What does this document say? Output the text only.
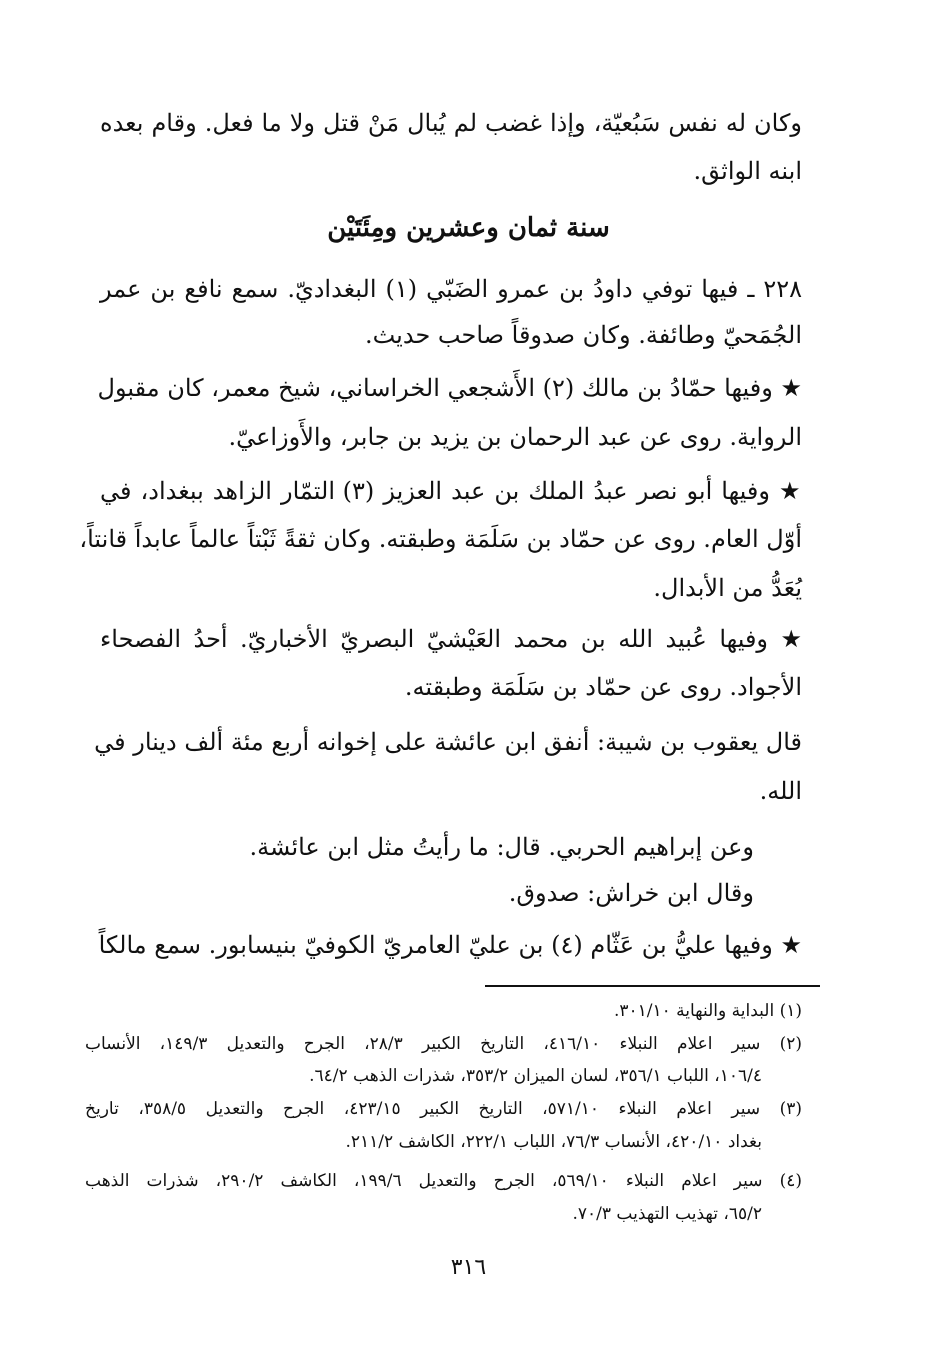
وكان له نفس سَبُعيّة، وإذا غضب لم يُبال مَنْ قتل ولا ما فعل. وقام بعده

ابنه الواثق.

سنة ثمان وعشرين ومِئَتَيْن

٢٢٨ ـ فيها توفي داودُ بن عمرو الضَبّي (١) البغداديّ. سمع نافع بن عمر

الجُمَحيّ وطائفة. وكان صدوقاً صاحب حديث.

★ وفيها حمّادُ بن مالك (٢) الأَشجعي الخراساني، شيخ معمر، كان مقبول

الرواية. روى عن عبد الرحمان بن يزيد بن جابر، والأَوزاعيّ.

★ وفيها أبو نصر عبدُ الملك بن عبد العزيز (٣) التمّار الزاهد ببغداد، في

أوّل العام. روى عن حمّاد بن سَلَمَة وطبقته. وكان ثقةً ثَبْتاً عالماً عابداً قانتاً،

يُعَدُّ من الأبدال.

★ وفيها عُبيد الله بن محمد العَيْشيّ البصريّ الأخباريّ. أحدُ الفصحاء

الأجواد. روى عن حمّاد بن سَلَمَة وطبقته.

قال يعقوب بن شيبة: أنفق ابن عائشة على إخوانه أربع مئة ألف دينار في

الله.

وعن إبراهيم الحربي. قال: ما رأيتُ مثل ابن عائشة.

وقال ابن خراش: صدوق.

★ وفيها عليُّ بن عَثّام (٤) بن عليّ العامريّ الكوفيّ بنيسابور. سمع مالكاً

(١) البداية والنهاية ٣٠١/١٠.

(٢) سير اعلام النبلاء ٤١٦/١٠، التاريخ الكبير ٢٨/٣، الجرح والتعديل ١٤٩/٣، الأنساب

١٠٦/٤، اللباب ٣٥٦/١، لسان الميزان ٣٥٣/٢، شذرات الذهب ٦٤/٢.

(٣) سير اعلام النبلاء ٥٧١/١٠، التاريخ الكبير ٤٢٣/١٥، الجرح والتعديل ٣٥٨/٥، تاريخ

بغداد ٤٢٠/١٠، الأنساب ٧٦/٣، اللباب ٢٢٢/١، الكاشف ٢١١/٢.

(٤) سير اعلام النبلاء ٥٦٩/١٠، الجرح والتعديل ١٩٩/٦، الكاشف ٢٩٠/٢، شذرات الذهب

٦٥/٢، تهذيب التهذيب ٧٠/٣.

٣١٦
